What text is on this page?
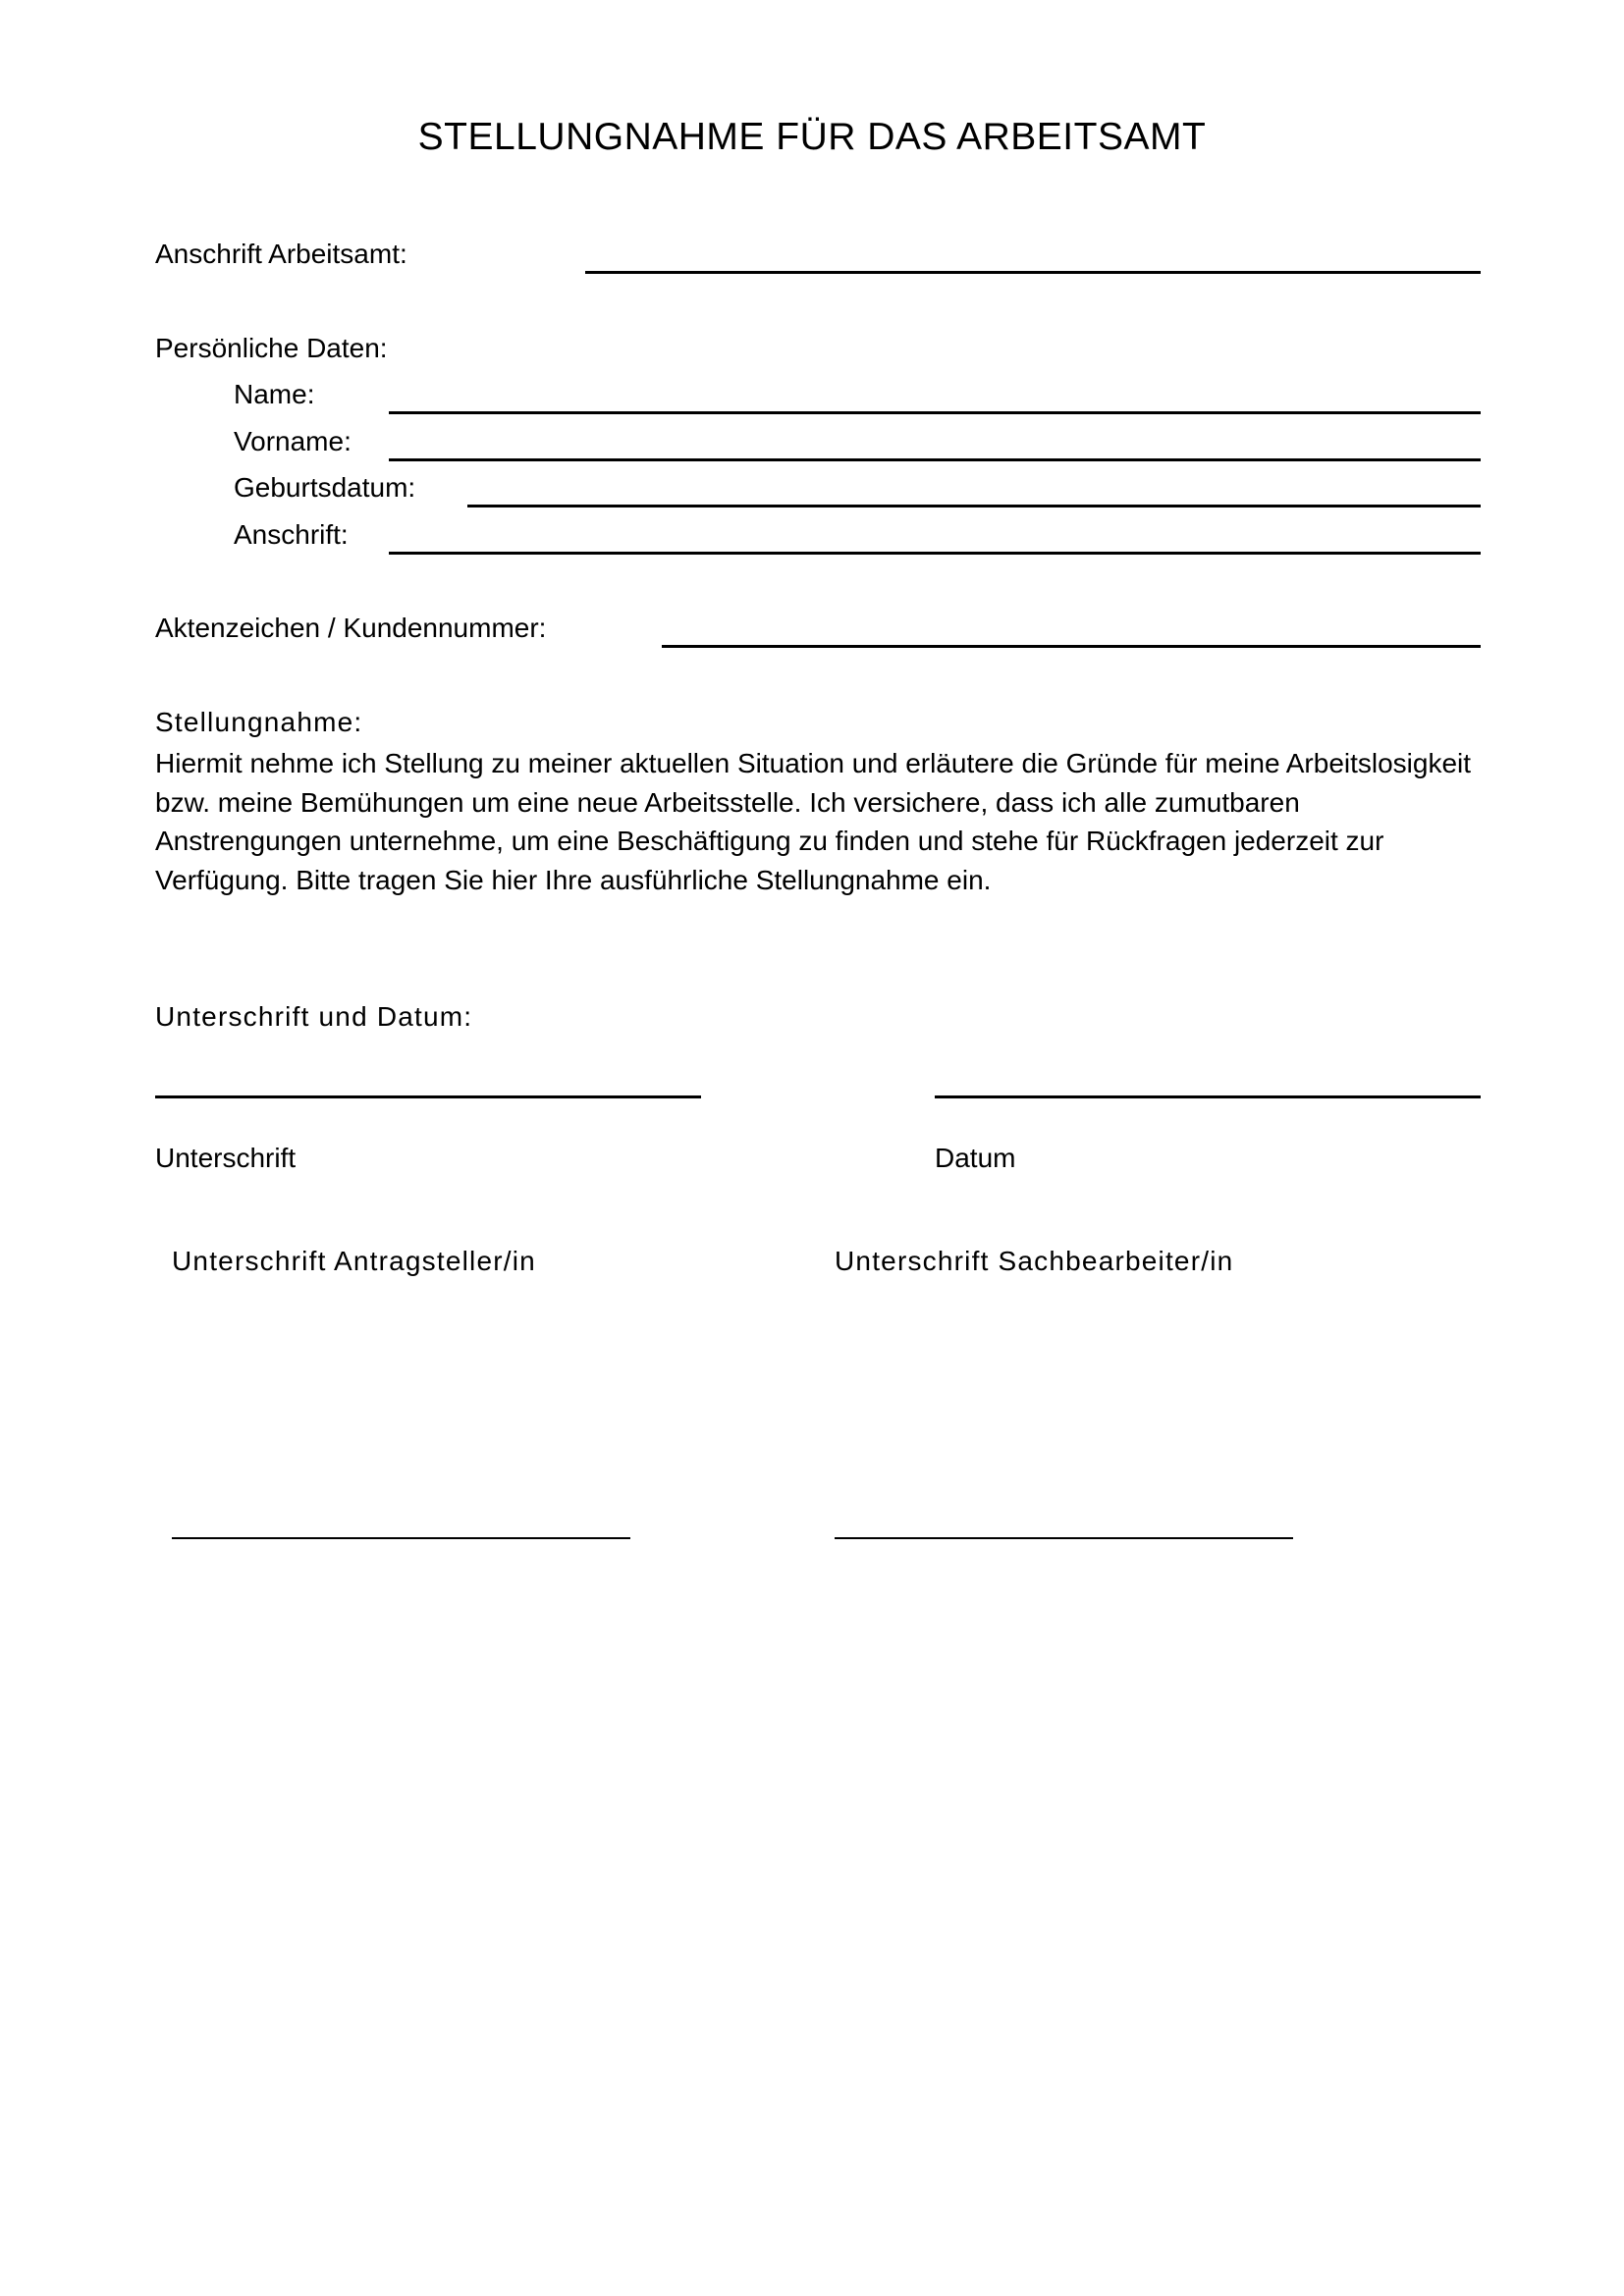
STELLUNGNAHME FÜR DAS ARBEITSAMT
Anschrift Arbeitsamt:
Persönliche Daten:
Name:
Vorname:
Geburtsdatum:
Anschrift:
Aktenzeichen / Kundennummer:
Stellungnahme:
Hiermit nehme ich Stellung zu meiner aktuellen Situation und erläutere die Gründe für meine Arbeitslosigkeit bzw. meine Bemühungen um eine neue Arbeitsstelle. Ich versichere, dass ich alle zumutbaren Anstrengungen unternehme, um eine Beschäftigung zu finden und stehe für Rückfragen jederzeit zur Verfügung. Bitte tragen Sie hier Ihre ausführliche Stellungnahme ein.
Unterschrift und Datum:
Unterschrift	Datum
Unterschrift Antragsteller/in	Unterschrift Sachbearbeiter/in
